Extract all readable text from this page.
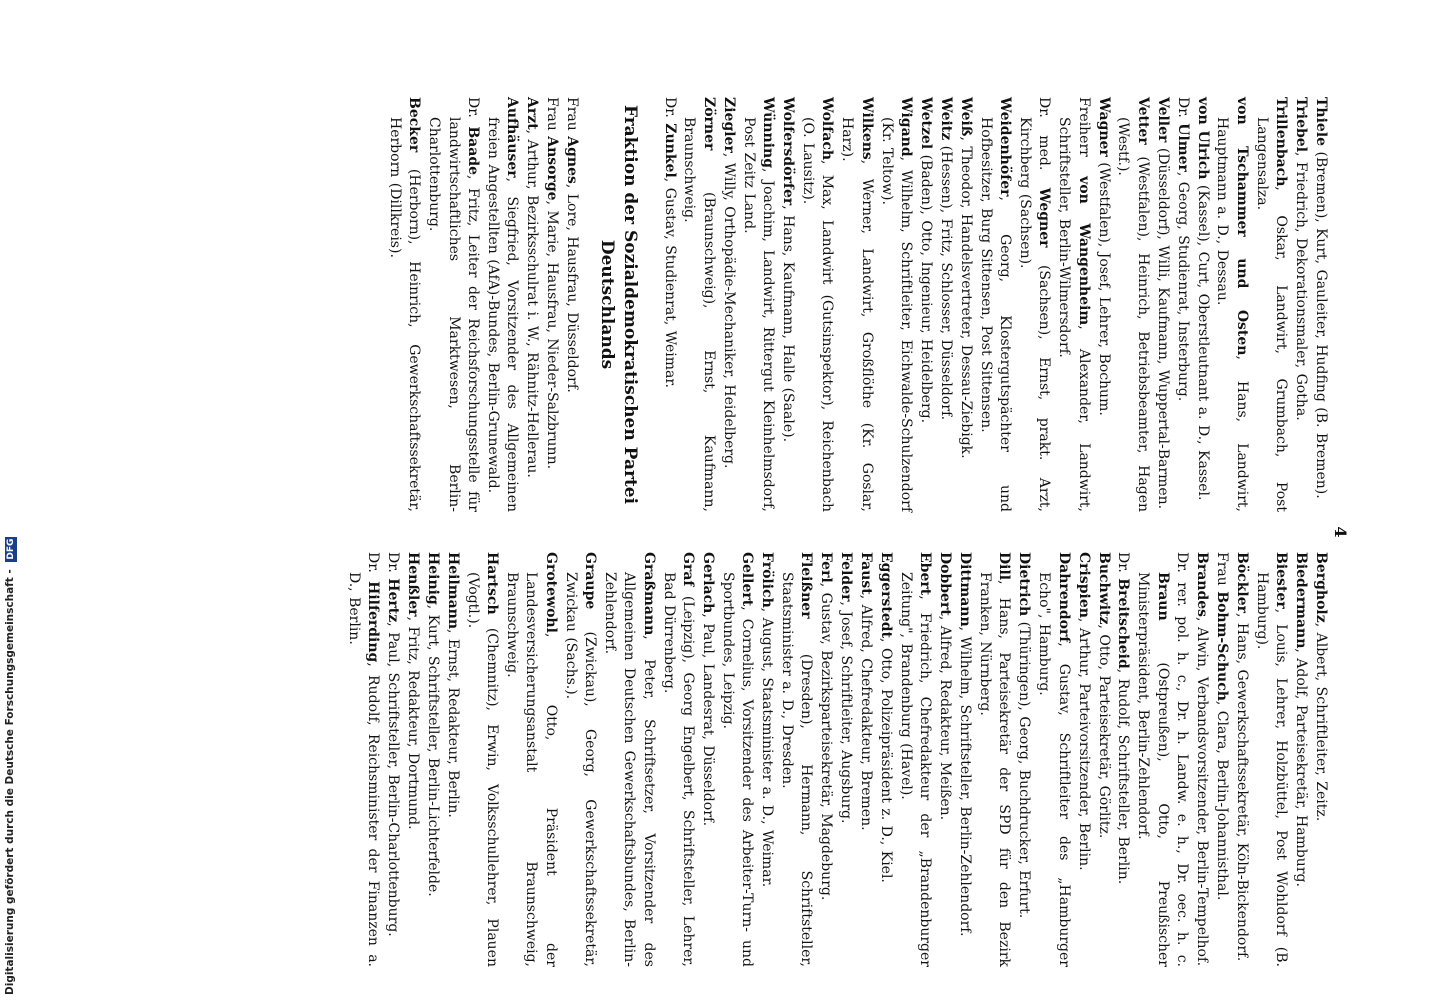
4
Thiele (Bremen), Kurt, Gauleiter, Hudfing (B. Bremen).
Triebel, Friedrich, Dekorationsmaler, Gotha.
Trillenbach, Oskar, Landwirt, Grumbach, Post Langensalza.
von Tschammer und Osten, Hans, Landwirt, Hauptmann a. D., Dessau.
von Ulrich (Kassel), Curt, Oberstleutnant a. D., Kassel.
Dr. Ulmer, Georg, Studienrat, Insterburg.
Veller (Düsseldorf), Willi, Kaufmann, Wuppertal-Barmen.
Vetter (Westfalen), Heinrich, Betriebsbeamter, Hagen (Westf.).
Wagner (Westfalen), Josef, Lehrer, Bochum.
Freiherr von Wangenheim, Alexander, Landwirt, Schriftsteller, Berlin-Wilmersdorf.
Dr. med. Wegner (Sachsen), Ernst, prakt. Arzt, Kirchberg (Sachsen).
Weidenhöfer, Georg, Klostergutspächter und Hofbesitzer, Burg Sittensen, Post Sittensen.
Weiß, Theodor, Handelsvertreter, Dessau-Ziebigk.
Weitz (Hessen), Fritz, Schlosser, Düsseldorf.
Wetzel (Baden), Otto, Ingenieur, Heidelberg.
Wigand, Wilhelm, Schriftleiter, Eichwalde-Schulzendorf (Kr. Teltow).
Wilkens, Werner, Landwirt, Großflöthe (Kr. Goslar, Harz).
Wolfach, Max, Landwirt (Gutsinspektor), Reichenbach (O. Lausitz).
Wolfersdörfer, Hans, Kaufmann, Halle (Saale).
Wünning, Joachim, Landwirt, Rittergut Kleinhelmsdorf, Post Zeitz Land.
Ziegler, Willy, Orthopädie-Mechaniker, Heidelberg.
Zörner (Braunschweig), Ernst, Kaufmann, Braunschweig.
Dr. Zunkel, Gustav, Studienrat, Weimar.
Fraktion der Sozialdemokratischen Partei Deutschlands
Frau Agnes, Lore, Hausfrau, Düsseldorf.
Frau Ansorge, Marie, Hausfrau, Nieder-Salzbrunn.
Arzt, Arthur, Bezirksschulrat i. W., Rähnitz-Hellerau.
Aufhäuser, Siegfried, Vorsitzender des Allgemeinen freien Angestellten (AfA)-Bundes, Berlin-Grunewald.
Dr. Baade, Fritz, Leiter der Reichsforschungsstelle für landwirtschaftliches Marktwesen, Berlin-Charlottenburg.
Becker (Herborn), Heinrich, Gewerkschaftssekretär, Herborn (Dillkreis).
Bergholz, Albert, Schriftleiter, Zeitz.
Biedermann, Adolf, Parteisekretär, Hamburg.
Biester, Louis, Lehrer, Holzbüttel, Post Wohldorf (B. Hamburg).
Böckler, Hans, Gewerkschaftssekretär, Köln-Bickendorf.
Frau Bohm-Schuch, Clara, Berlin-Johannisthal.
Brandes, Alwin, Verbandsvorsitzender, Berlin-Tempelhof.
Dr. rer. pol. h. c., Dr. h. Landw. e. h., Dr. oec. h. c. Braun (Ostpreußen), Otto, Preußischer Ministerpräsident, Berlin-Zehlendorf.
Dr. Breitscheid, Rudolf, Schriftsteller, Berlin.
Buchwitz, Otto, Parteisekretär, Görlitz.
Crispien, Arthur, Parteivorsitzender, Berlin.
Dahrendorf, Gustav, Schriftleiter des „Hamburger Echo", Hamburg.
Dietrich (Thüringen), Georg, Buchdrucker, Erfurt.
Dill, Hans, Parteisekretär der SPD für den Bezirk Franken, Nürnberg.
Dittmann, Wilhelm, Schriftsteller, Berlin-Zehlendorf.
Dobbert, Alfred, Redakteur, Meißen.
Ebert, Friedrich, Chefredakteur der „Brandenburger Zeitung", Brandenburg (Havel).
Eggerstedt, Otto, Polizeipräsident z. D., Kiel.
Faust, Alfred, Chefredakteur, Bremen.
Felder, Josef, Schriftleiter, Augsburg.
Ferl, Gustav, Bezirksparteisekretär, Magdeburg.
Fleißner (Dresden), Hermann, Schriftsteller, Staatsminister a. D., Dresden.
Frölich, August, Staatsminister a. D., Weimar.
Gellert, Cornelius, Vorsitzender des Arbeiter-Turn- und Sportbundes, Leipzig.
Gerlach, Paul, Landesrat, Düsseldorf.
Graf (Leipzig), Georg Engelbert, Schriftsteller, Lehrer, Bad Dürrenberg.
Graßmann, Peter, Schriftsetzer, Vorsitzender des Allgemeinen Deutschen Gewerkschaftsbundes, Berlin-Zehlendorf.
Graupe (Zwickau), Georg, Gewerkschaftssekretär, Zwickau (Sachs.).
Grotewohl, Otto, Präsident der Landesversicherungsanstalt Braunschweig, Braunschweig.
Hartsch (Chemnitz), Erwin, Volksschullehrer, Plauen (Vogtl.).
Heilmann, Ernst, Redakteur, Berlin.
Heinig, Kurt, Schriftsteller, Berlin-Lichterfelde.
Henßler, Fritz, Redakteur, Dortmund.
Dr. Hertz, Paul, Schriftsteller, Berlin-Charlottenburg.
Dr. Hilferding, Rudolf, Reichsminister der Finanzen a. D., Berlin.
Digitalisierung gefördert durch die Deutsche Forschungsgemeinschaft - DFG
